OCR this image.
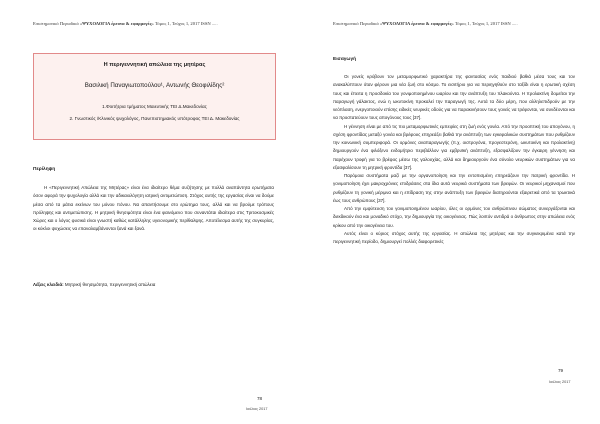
Επιστημονικό Περιοδικό «ΨΥΧΟΛΟΓΙΑ έρευνα & εφαρμογές» Τόμος 1, Τεύχος 1, 2017 ISSN .....
Η περιγεννητική απώλεια της μητέρας
Βασιλική Παναγιωτοπούλου¹, Αντωνής Θεοφιλίδης²
1.Φοιτήτρια τμήματος Μαιευτικής ΤΕΙ Δ.Μακεδονίας
2. Γνωστικός /Κλινικός ψυχολόγος, Πανεπιστημιακός υπότροφος ΤΕΙ Δ. Μακεδονίας
Περίληψη

Η «Περιγεννητική Απώλεια της Μητέρας» είναι ένα ιδιαίτερο θέμα συζήτησης με πολλά αναπάντητα ερωτήματα όσον αφορά την ψυχολογία αλλά και την αδικαιολόγητη ιατρική αντιμετώπιση. Στόχος αυτής της εργασίας είναι να δούμε μέσα από τα μάτια εκείνων του μόνου πόνου. Να απαντήσουμε στο ερώτημα τους, αλλά και να βρούμε τρόπους πρόληψης και αντιμετώπισης. Η μητρική θνησιμότητα είναι ένα φαινόμενο που συναντάται ιδιαίτερα στις Τριτοκοσμικές Χώρες και ο λόγος φυσικά είναι γνωστή καθώς κατάλληλης υγειονομικής περίθαλψης. Αποτέλεσμα αυτής της συγκυρίας, οι κύκλοι ψυχώσεις να επαναλαμβάνονται ξανά και ξανά.

Λέξεις κλειδιά: Μητρική θνησιμότητα, περιγεννητική απώλεια
78
Ιούλιος 2017
Επιστημονικό Περιοδικό «ΨΥΧΟΛΟΓΙΑ έρευνα & εφαρμογές» Τόμος 1, Τεύχος 1, 2017 ISSN .....
Εισαγωγή

Οι γονείς κρύβουν τον μεταμορφωτικό χαρακτήρα της φαντασίας ενός παιδιού βαθιά μέσα τους και τον ανακαλύπτουν όταν φέρουν μια νέα ζωή στο κόσμο. Το εισιτήριο για να περιηγηθούν στο ταξίδι είναι η ερωτική σχέση τους και έπειτα η προσδοκία του γονιμοποιημένου ωαρίου και την ανάπτυξη του πλακούντα. Η προλακτίνη δομείται την παραγωγή γάλακτος, ενώ η ωκυτοκίνη προκαλεί την παραγωγή της. Αυτά τα δύο μέρη, που αλληλεπιδρούν με την νεόπλαση, ενεργοποιούν επίσης ειδικές νευρικές οδούς για να παρακινήσουν τους γονείς να τρέφονται, να συνδέονται και να προστατεύουν τους απογόνους τους [37].

Η γέννηση είναι με από τις πιο μεταμορφωτικές εμπειρίες στη ζωή ενός γονέα. Από την προοπτική του απογόνου, η σχέση φροντίδας μεταξύ γονέα και βρέφους επηρεάζει βαθιά την ανάπτυξη των εγκεφαλικών συστημάτων που ρυθμίζουν την κοινωνική συμπεριφορά. Οι ορμόνες αναπαραγωγής (π.χ. οιστρογόνα, προγεστερόνη, ωκυτοκίνη και προλακτίνη) δημιουργούν ένα φιλόξενο ενδομήτριο περιβάλλον για εμβρυϊκή ανάπτυξη, εξασφαλίζουν την έγκαιρη γέννηση και παρέχουν τροφή για το βρέφος μέσω της γαλουχίας, αλλά και δημιουργούν ένα σύνολο νευρικών συστημάτων για να εξασφαλίσουν τη μητρική φροντίδα [37].

Παρόμοια συστήματα μαζί με την οργανοποίηση και την εντοπισμένη επηρεάζουν την πατρική φροντίδα. Η γονιμοποίηση έχει μακροχρόνιες επιδράσεις στα ίδια αυτά νευρικά συστήματα των βρεφών. Οι νευρικοί μηχανισμοί που ρυθμίζουν τη γονική μέριμνα και η επίδραση της στην ανάπτυξη των βρεφών διατηρούνται εξαιρετικά από τα τρωκτικά έως τους ανθρώπους [37].

Από την εμφύτευση του γονιμοποιημένου ωαρίου, όλες οι ορμόνες του ανθρώπινου σώματος συνεργάζονται και διεκδικούν ένα και μοναδικό στόχο, την δημιουργία της οικογένειας. Πώς λοιπόν αντιδρά ο άνθρωπος στην απώλεια ενός κρίκου από την οικογένεια του.

Αυτός είναι ο κύριος στόχος αυτής της εργασίας. Η απώλεια της μητέρας και την συγκεκριμένα κατά την περιγεννητική περίοδο, δημιουργεί πολλές διαφορετικές

79
Ιούλιος 2017
